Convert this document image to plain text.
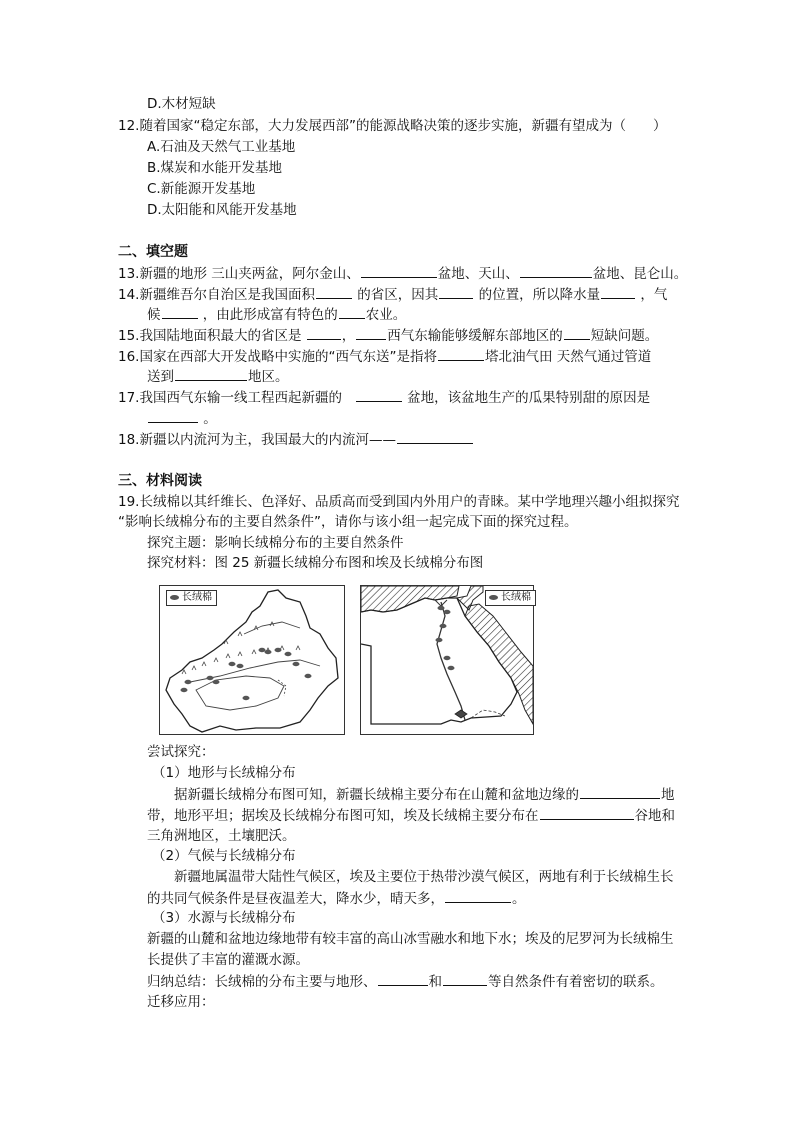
D.木材短缺
12.随着国家“稳定东部，大力发展西部”的能源战略决策的逐步实施，新疆有望成为（　　）
A.石油及天然气工业基地
B.煤炭和水能开发基地
C.新能源开发基地
D.太阳能和风能开发基地
二、填空题
13.新疆的地形 三山夹两盆，阿尔金山、	盆地、天山、	盆地、昆仑山。
14.新疆维吾尔自治区是我国面积	的省区，因其	的位置，所以降水量	，气
候	，由此形成富有特色的 农业。
15.我国陆地面积最大的省区是	， 西气东输能够缓解东部地区的 短缺问题。
16.国家在西部大开发战略中实施的“西气东送”是指将	塔北油气田 天然气通过管道
送到	地区。
17.我国西气东输一线工程西起新疆的	盆地，该盆地生产的瓜果特别甜的原因是
。
18.新疆以内流河为主，我国最大的内流河——
三、材料阅读
19.长绒棉以其纤维长、色泽好、品质高而受到国内外用户的青睐。某中学地理兴趣小组拟探究
“影响长绒棉分布的主要自然条件”，请你与该小组一起完成下面的探究过程。
探究主题：影响长绒棉分布的主要自然条件
探究材料：图 25 新疆长绒棉分布图和埃及长绒棉分布图
长绒棉	长绒棉
尝试探究：
（1）地形与长绒棉分布
据新疆长绒棉分布图可知，新疆长绒棉主要分布在山麓和盆地边缘的	地
带，地形平坦；据埃及长绒棉分布图可知，埃及长绒棉主要分布在	谷地和
三角洲地区，土壤肥沃。
（2）气候与长绒棉分布
新疆地属温带大陆性气候区，埃及主要位于热带沙漠气候区，两地有利于长绒棉生长
的共同气候条件是昼夜温差大，降水少，晴天多，	。
（3）水源与长绒棉分布
新疆的山麓和盆地边缘地带有较丰富的高山冰雪融水和地下水；埃及的尼罗河为长绒棉生
长提供了丰富的灌溉水源。
归纳总结：长绒棉的分布主要与地形、	和	等自然条件有着密切的联系。
迁移应用：
